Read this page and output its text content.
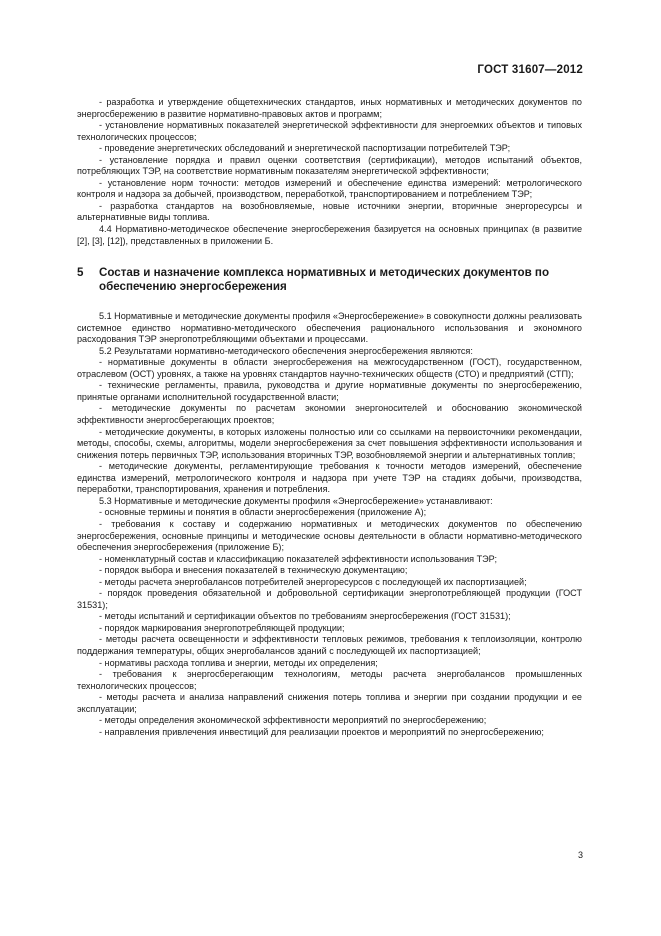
ГОСТ 31607—2012

- разработка и утверждение общетехнических стандартов, иных нормативных и методических документов по энергосбережению в развитие нормативно-правовых актов и программ;

- установление нормативных показателей энергетической эффективности для энергоемких объектов и типовых технологических процессов;

- проведение энергетических обследований и энергетической паспортизации потребителей ТЭР;

- установление порядка и правил оценки соответствия (сертификации), методов испытаний объектов, потребляющих ТЭР, на соответствие нормативным показателям энергетической эффективности;

- установление норм точности: методов измерений и обеспечение единства измерений: метрологического контроля и надзора за добычей, производством, переработкой, транспортированием и потреблением ТЭР;

- разработка стандартов на возобновляемые, новые источники энергии, вторичные энергоресурсы и альтернативные виды топлива.

4.4 Нормативно-методическое обеспечение энергосбережения базируется на основных принципах (в развитие [2], [3], [12]), представленных в приложении Б.

5 Состав и назначение комплекса нормативных и методических документов по обеспечению энергосбережения

5.1 Нормативные и методические документы профиля «Энергосбережение» в совокупности должны реализовать системное единство нормативно-методического обеспечения рационального использования и экономного расходования ТЭР энергопотребляющими объектами и процессами.

5.2 Результатами нормативно-методического обеспечения энергосбережения являются:

- нормативные документы в области энергосбережения на межгосударственном (ГОСТ), государственном, отраслевом (ОСТ) уровнях, а также на уровнях стандартов научно-технических обществ (СТО) и предприятий (СТП);

- технические регламенты, правила, руководства и другие нормативные документы по энергосбережению, принятые органами исполнительной государственной власти;

- методические документы по расчетам экономии энергоносителей и обоснованию экономической эффективности энергосберегающих проектов;

- методические документы, в которых изложены полностью или со ссылками на первоисточники рекомендации, методы, способы, схемы, алгоритмы, модели энергосбережения за счет повышения эффективности использования и снижения потерь первичных ТЭР, использования вторичных ТЭР, возобновляемой энергии и альтернативных топлив;

- методические документы, регламентирующие требования к точности методов измерений, обеспечение единства измерений, метрологического контроля и надзора при учете ТЭР на стадиях добычи, производства, переработки, транспортирования, хранения и потребления.

5.3 Нормативные и методические документы профиля «Энергосбережение» устанавливают:

- основные термины и понятия в области энергосбережения (приложение А);

- требования к составу и содержанию нормативных и методических документов по обеспечению энергосбережения, основные принципы и методические основы деятельности в области нормативно-методического обеспечения энергосбережения (приложение Б);

- номенклатурный состав и классификацию показателей эффективности использования ТЭР;

- порядок выбора и внесения показателей в техническую документацию;

- методы расчета энергобалансов потребителей энергоресурсов с последующей их паспортизацией;

- порядок проведения обязательной и добровольной сертификации энергопотребляющей продукции (ГОСТ 31531);

- методы испытаний и сертификации объектов по требованиям энергосбережения (ГОСТ 31531);

- порядок маркирования энергопотребляющей продукции;

- методы расчета освещенности и эффективности тепловых режимов, требования к теплоизоляции, контролю поддержания температуры, общих энергобалансов зданий с последующей их паспортизацией;

- нормативы расхода топлива и энергии, методы их определения;

- требования к энергосберегающим технологиям, методы расчета энергобалансов промышленных технологических процессов;

- методы расчета и анализа направлений снижения потерь топлива и энергии при создании продукции и ее эксплуатации;

- методы определения экономической эффективности мероприятий по энергосбережению;

- направления привлечения инвестиций для реализации проектов и мероприятий по энергосбережению;

3
